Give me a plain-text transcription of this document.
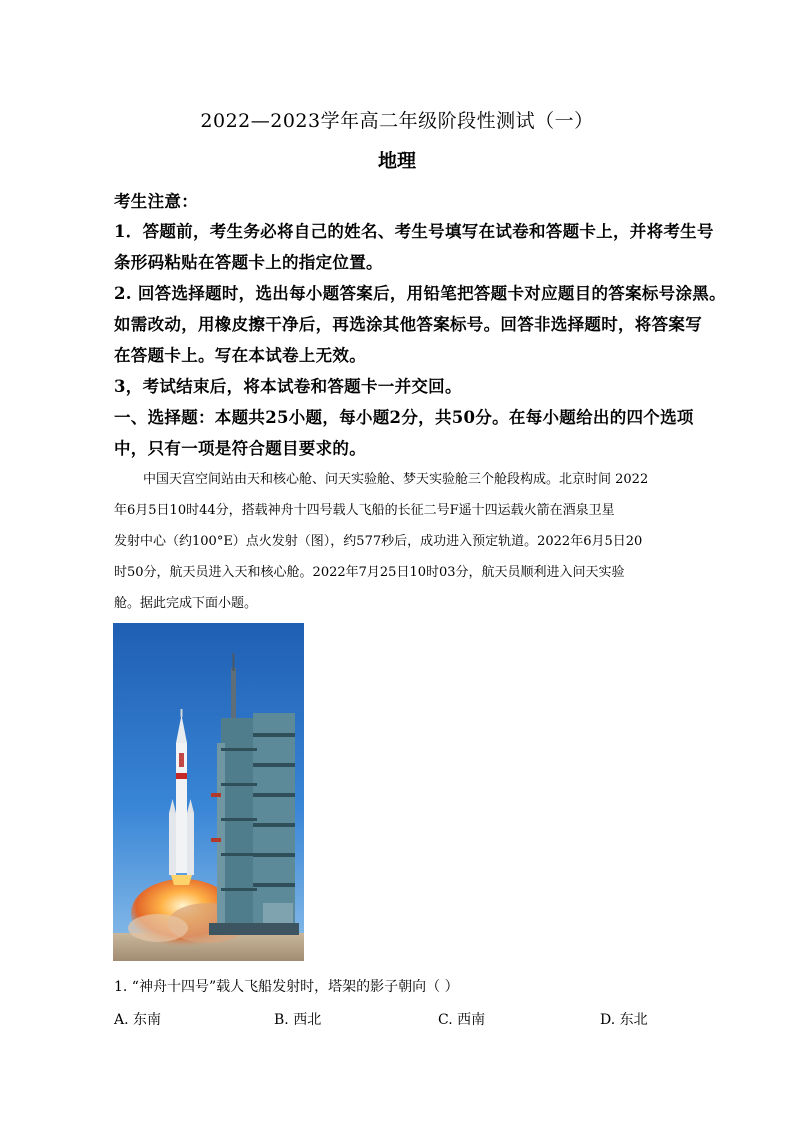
2022—2023学年高二年级阶段性测试（一）
地理

考生注意：

1．答题前，考生务必将自己的姓名、考生号填写在试卷和答题卡上，并将考生号

条形码粘贴在答题卡上的指定位置。

2. 回答选择题时，选出每小题答案后，用铅笔把答题卡对应题目的答案标号涂黑。

如需改动，用橡皮擦干净后，再选涂其他答案标号。回答非选择题时，将答案写

在答题卡上。写在本试卷上无效。

3，考试结束后，将本试卷和答题卡一并交回。

一、选择题：本题共25小题，每小题2分，共50分。在每小题给出的四个选项

中，只有一项是符合题目要求的。

中国天宫空间站由天和核心舱、问天实验舱、梦天实验舱三个舱段构成。北京时间 2022

年6月5日10时44分，搭载神舟十四号载人飞船的长征二号F遥十四运载火箭在酒泉卫星

发射中心（约100°E）点火发射（图），约577秒后，成功进入预定轨道。2022年6月5日20

时50分，航天员进入天和核心舱。2022年7月25日10时03分，航天员顺利进入问天实验

舱。据此完成下面小题。

1. “神舟十四号”载人飞船发射时，塔架的影子朝向（ ）

A. 东南	B. 西北	C. 西南	D. 东北
